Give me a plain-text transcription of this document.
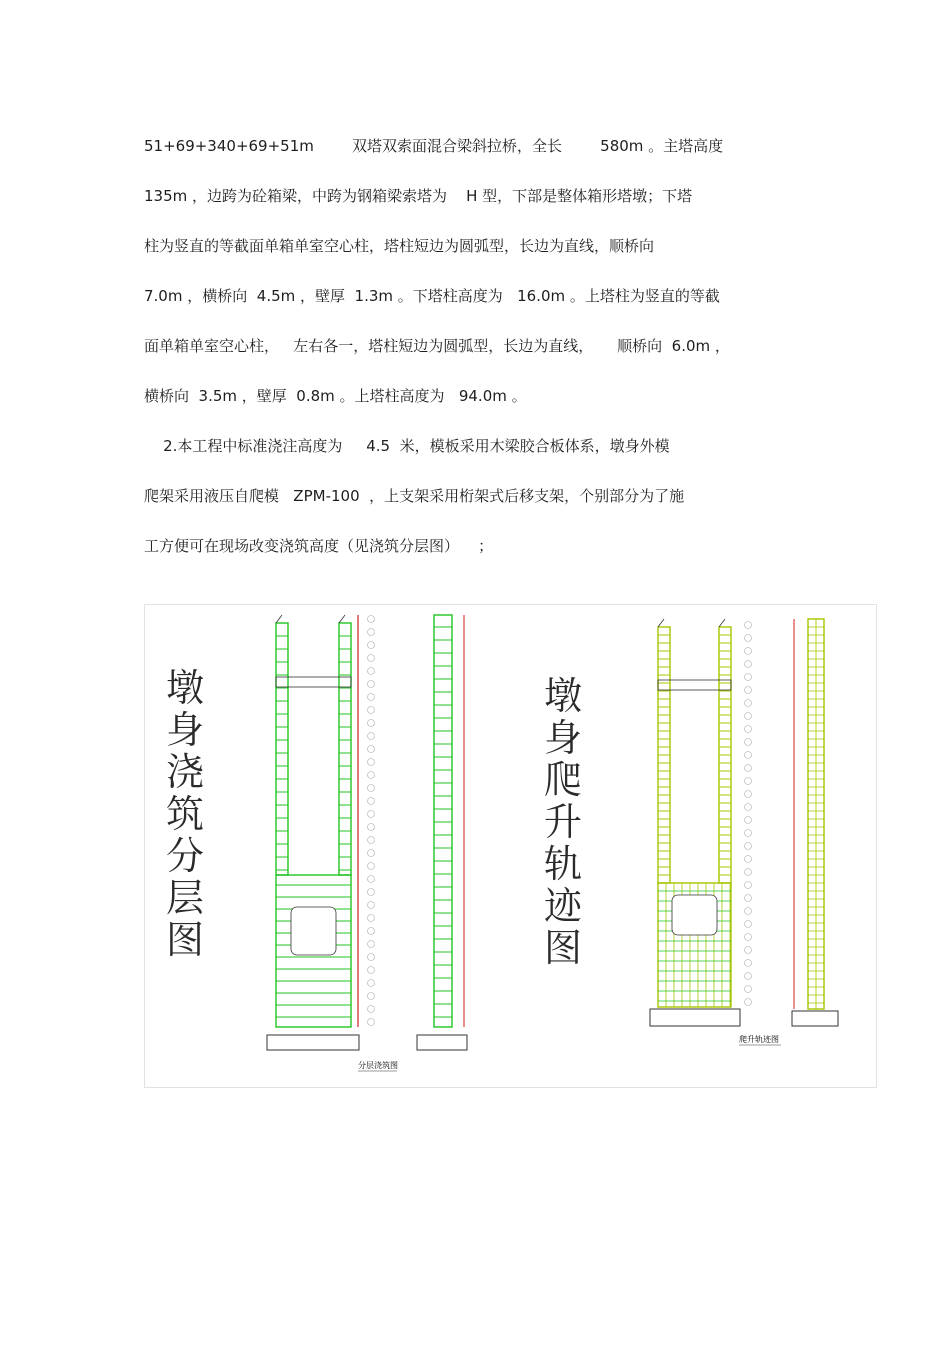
51+69+340+69+51m        双塔双索面混合梁斜拉桥，全长        580m 。主塔高度
135m ，边跨为砼箱梁，中跨为钢箱梁索塔为    H 型，下部是整体箱形塔墩；下塔
柱为竖直的等截面单箱单室空心柱，塔柱短边为圆弧型，长边为直线，顺桥向
7.0m ，横桥向  4.5m ，壁厚  1.3m 。下塔柱高度为   16.0m 。上塔柱为竖直的等截
面单箱单室空心柱，   左右各一，塔柱短边为圆弧型，长边为直线，     顺桥向  6.0m ，
横桥向  3.5m ，壁厚  0.8m 。上塔柱高度为   94.0m 。
2.本工程中标准浇注高度为     4.5  米，模板采用木梁胶合板体系，墩身外模
爬架采用液压自爬模   ZPM-100  ，上支架采用桁架式后移支架，个别部分为了施
工方便可在现场改变浇筑高度（见浇筑分层图）    ；
墩身浇筑分层图
墩身爬升轨迹图
分层浇筑图
爬升轨迹图
